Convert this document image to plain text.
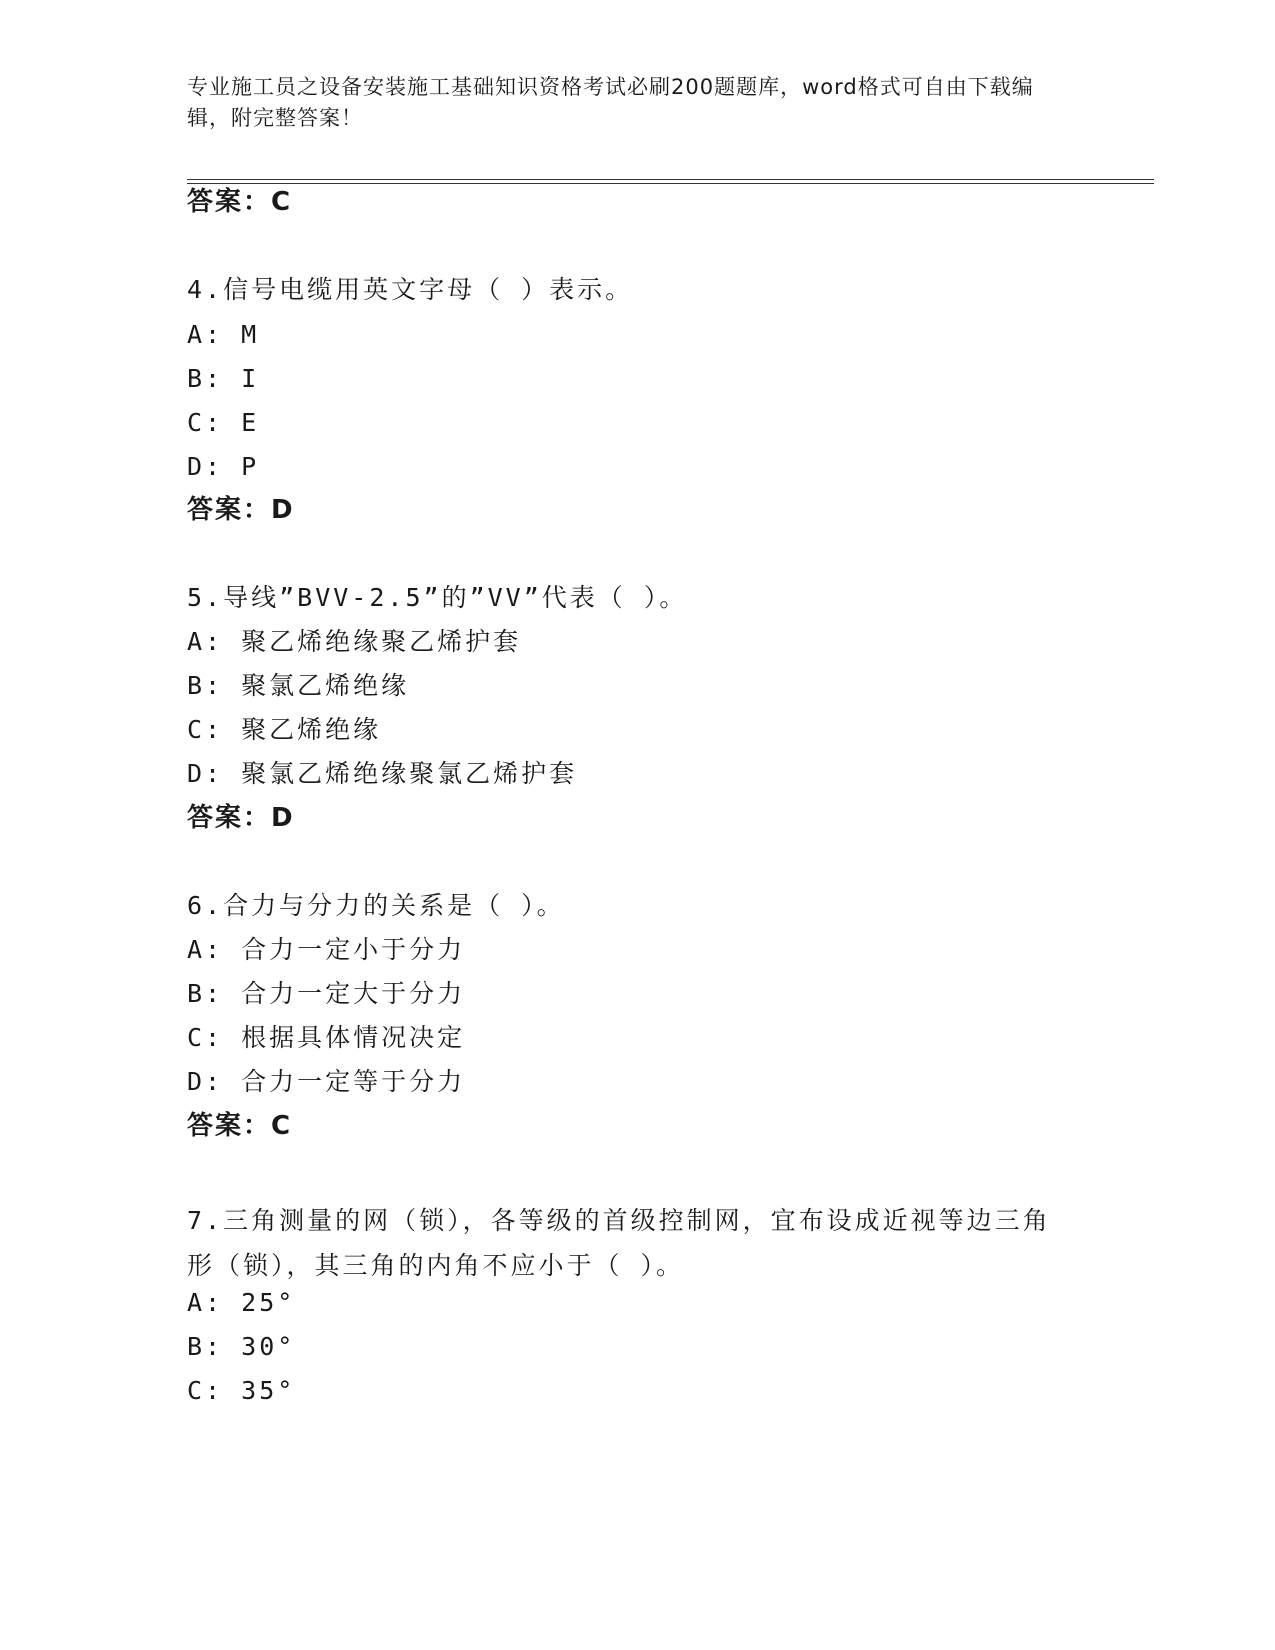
专业施工员之设备安装施工基础知识资格考试必刷200题题库，word格式可自由下载编辑，附完整答案！
答案：C
4.信号电缆用英文字母（ ）表示。
A: M
B: I
C: E
D: P
答案：D
5.导线”BVV-2.5”的”VV”代表（ ）。
A: 聚乙烯绝缘聚乙烯护套
B: 聚氯乙烯绝缘
C: 聚乙烯绝缘
D: 聚氯乙烯绝缘聚氯乙烯护套
答案：D
6.合力与分力的关系是（ ）。
A: 合力一定小于分力
B: 合力一定大于分力
C: 根据具体情况决定
D: 合力一定等于分力
答案：C
7.三角测量的网（锁），各等级的首级控制网，宜布设成近视等边三角形（锁），其三角的内角不应小于（ ）。
A: 25°
B: 30°
C: 35°
